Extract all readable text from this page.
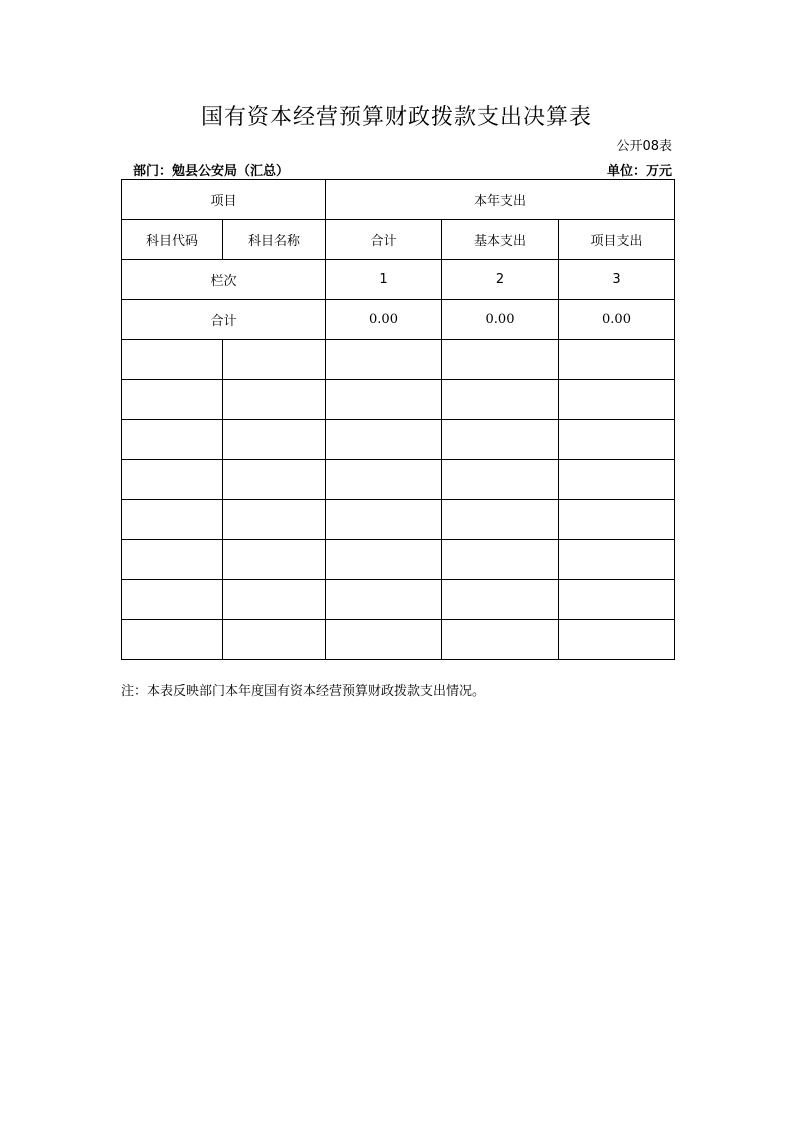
国有资本经营预算财政拨款支出决算表
公开08表
部门：勉县公安局（汇总）	单位：万元
项目		本年支出		
科目代码	科目名称	合计	基本支出	项目支出
栏次		1	2	3
合计		0.00	0.00	0.00

注：本表反映部门本年度国有资本经营预算财政拨款支出情况。
